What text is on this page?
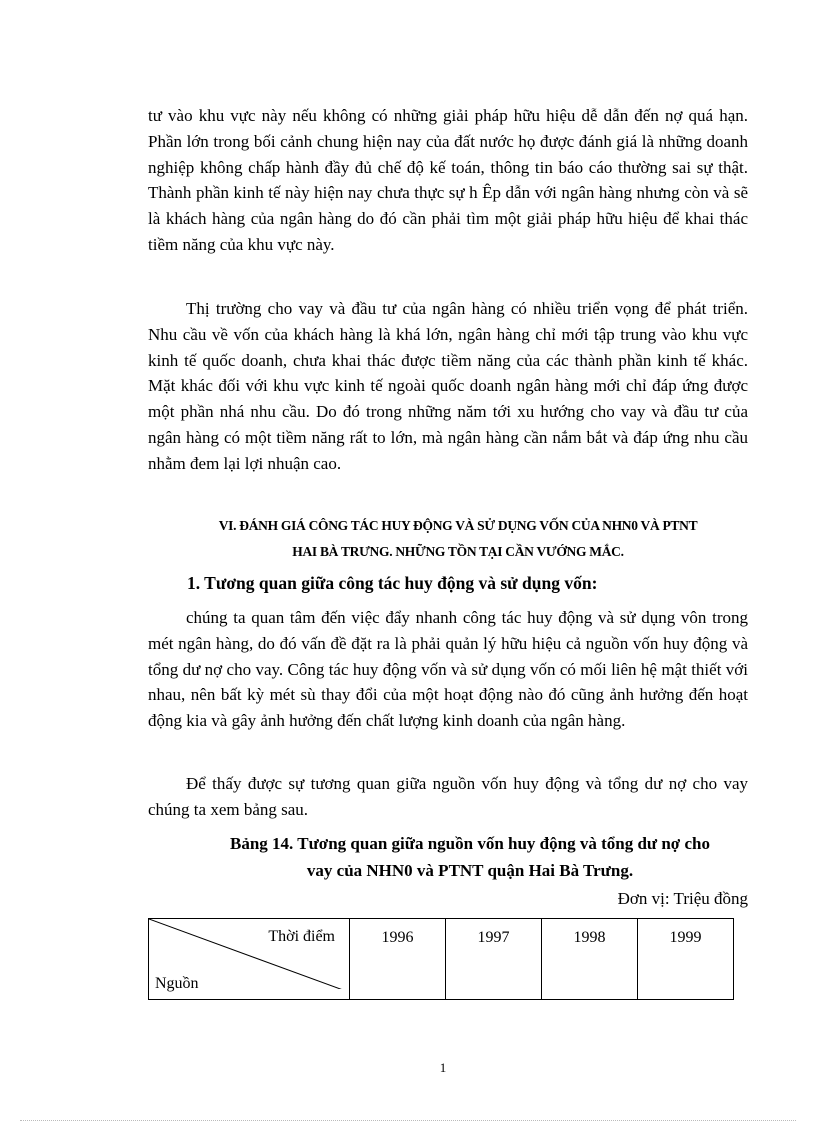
tư vào khu vực này nếu không có những giải pháp hữu hiệu dễ dẫn đến nợ quá hạn. Phần lớn trong bối cảnh chung hiện nay của đất nước họ được đánh giá là những doanh nghiệp không chấp hành đầy đủ chế độ kế toán, thông tin báo cáo thường sai sự thật. Thành phần kinh tế này hiện nay chưa thực sự h Êp dẫn với ngân hàng nhưng còn và sẽ là khách hàng của ngân hàng do đó cần phải tìm một giải pháp hữu hiệu để khai thác tiềm năng của khu vực này.

Thị trường cho vay và đầu tư của ngân hàng có nhiều triển vọng để phát triển. Nhu cầu về vốn của khách hàng là khá lớn, ngân hàng chỉ mới tập trung vào khu vực kinh tế quốc doanh, chưa khai thác được tiềm năng của các thành phần kinh tế khác. Mặt khác đối với khu vực kinh tế ngoài quốc doanh ngân hàng mới chỉ đáp ứng được một phần nhá nhu cầu. Do đó trong những năm tới xu hướng cho vay và đầu tư của ngân hàng có một tiềm năng rất to lớn, mà ngân hàng cần nắm bắt và đáp ứng nhu cầu nhằm đem lại lợi nhuận cao.

VI. ĐÁNH GIÁ CÔNG TÁC HUY ĐỘNG VÀ SỬ DỤNG VỐN CỦA NHN0 VÀ PTNT

HAI BÀ TRƯNG. NHỮNG TỒN TẠI CẦN VƯỚNG MẮC.

1. Tương quan giữa công tác huy động và sử dụng vốn:

chúng ta quan tâm đến việc đẩy nhanh công tác huy động và sử dụng vôn trong mét ngân hàng, do đó vấn đề đặt ra là phải quản lý hữu hiệu cả nguồn vốn huy động và tổng dư nợ cho vay. Công tác huy động vốn và sử dụng vốn có mối liên hệ mật thiết với nhau, nên bất kỳ mét sù thay đổi của một hoạt động nào đó cũng ảnh hưởng đến hoạt động kia và gây ảnh hưởng đến chất lượng kinh doanh của ngân hàng.

Để thấy được sự tương quan giữa nguồn vốn huy động và tổng dư nợ cho vay chúng ta xem bảng sau.

Bảng 14. Tương quan giữa nguồn vốn huy động và tổng dư nợ cho
vay của NHN0 và PTNT quận Hai Bà Trưng.

Đơn vị: Triệu đồng

Thời điểm
Nguồn
	1996	1997	1998	1999

1
